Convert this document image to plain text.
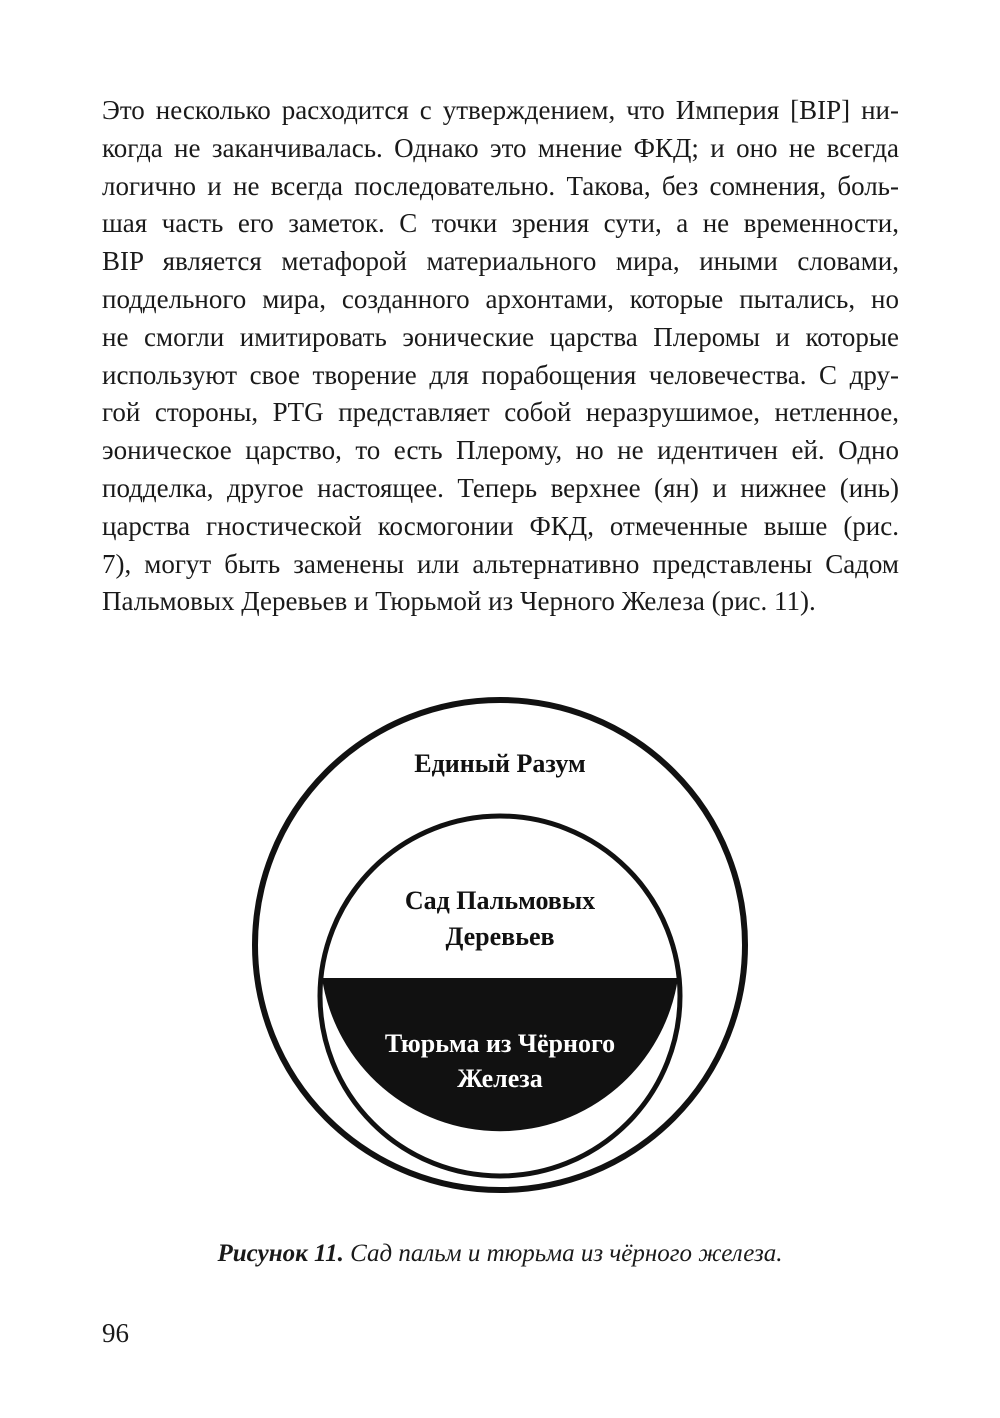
Это несколько расходится с утверждением, что Империя [BIP] ни-
когда не заканчивалась. Однако это мнение ФКД; и оно не всегда
логично и не всегда последовательно. Такова, без сомнения, боль-
шая часть его заметок. С точки зрения сути, а не временности,
BIP является метафорой материального мира, иными словами,
поддельного мира, созданного архонтами, которые пытались, но
не смогли имитировать эонические царства Плеромы и которые
используют свое творение для порабощения человечества. С дру-
гой стороны, PTG представляет собой неразрушимое, нетленное,
эоническое царство, то есть Плерому, но не идентичен ей. Одно
подделка, другое настоящее. Теперь верхнее (ян) и нижнее (инь)
царства гностической космогонии ФКД, отмеченные выше (рис.
7), могут быть заменены или альтернативно представлены Садом
Пальмовых Деревьев и Тюрьмой из Черного Железа (рис. 11).
Единый Разум
Сад Пальмовых
Деревьев
Тюрьма из Чёрного
Железа
Рисунок 11. Сад пальм и тюрьма из чёрного железа.
96
